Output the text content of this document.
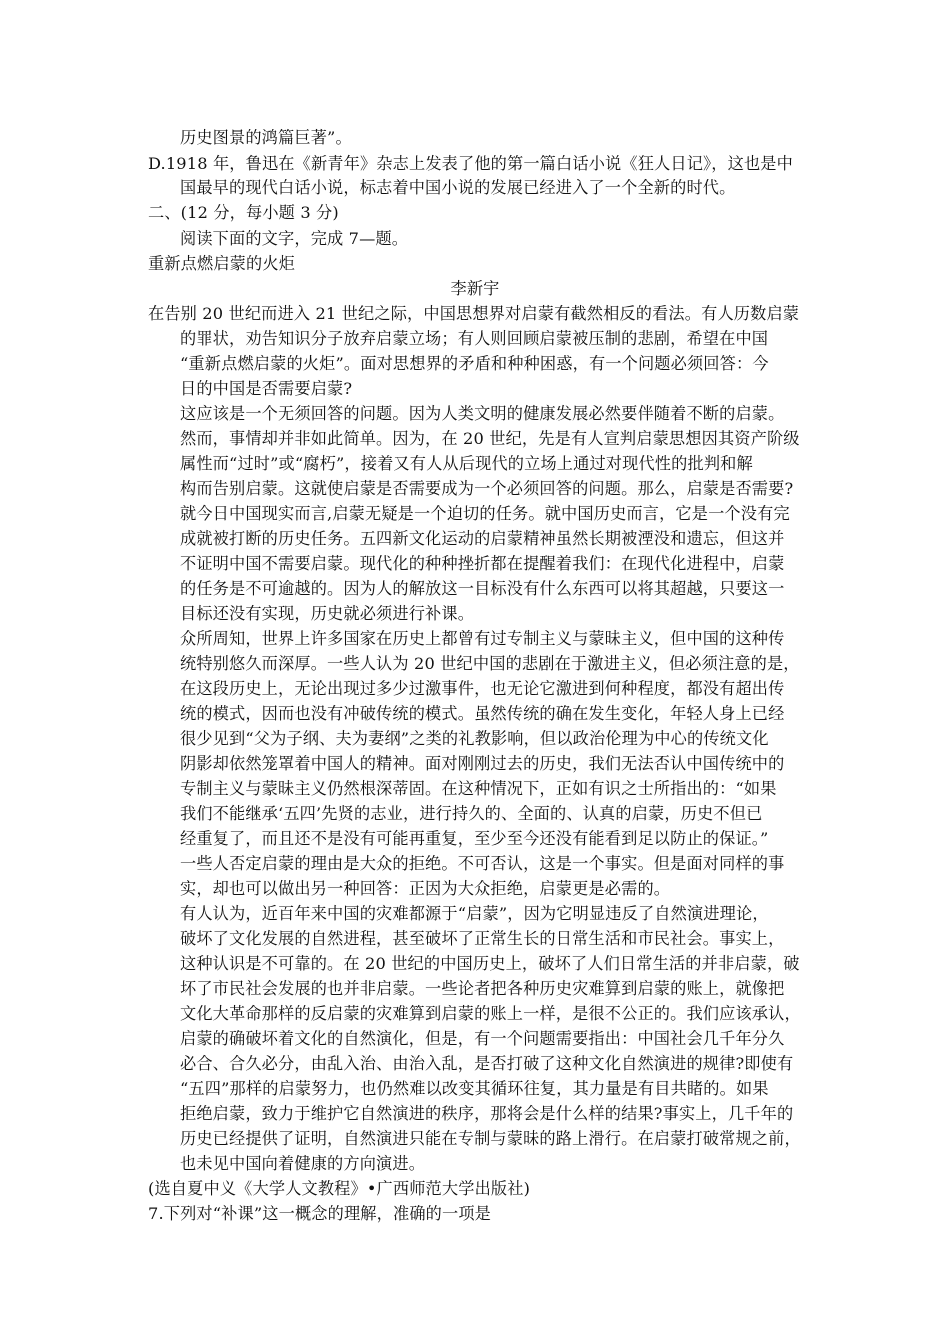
历史图景的鸿篇巨著”。
D.1918 年，鲁迅在《新青年》杂志上发表了他的第一篇白话小说《狂人日记》，这也是中
国最早的现代白话小说，标志着中国小说的发展已经进入了一个全新的时代。
二、(12 分，每小题 3 分)
阅读下面的文字，完成 7—题。
重新点燃启蒙的火炬
李新宇
在告别 20 世纪而进入 21 世纪之际，中国思想界对启蒙有截然相反的看法。有人历数启蒙
的罪状，劝告知识分子放弃启蒙立场；有人则回顾启蒙被压制的悲剧，希望在中国
“重新点燃启蒙的火炬”。面对思想界的矛盾和种种困惑，有一个问题必须回答：今
日的中国是否需要启蒙?
这应该是一个无须回答的问题。因为人类文明的健康发展必然要伴随着不断的启蒙。
然而，事情却并非如此简单。因为，在 20 世纪，先是有人宣判启蒙思想因其资产阶级
属性而“过时”或“腐朽”，接着又有人从后现代的立场上通过对现代性的批判和解
构而告别启蒙。这就使启蒙是否需要成为一个必须回答的问题。那么，启蒙是否需要?
就今日中国现实而言,启蒙无疑是一个迫切的任务。就中国历史而言，它是一个没有完
成就被打断的历史任务。五四新文化运动的启蒙精神虽然长期被湮没和遗忘，但这并
不证明中国不需要启蒙。现代化的种种挫折都在提醒着我们：在现代化进程中，启蒙
的任务是不可逾越的。因为人的解放这一目标没有什么东西可以将其超越，只要这一
目标还没有实现，历史就必须进行补课。
众所周知，世界上许多国家在历史上都曾有过专制主义与蒙昧主义，但中国的这种传
统特别悠久而深厚。一些人认为 20 世纪中国的悲剧在于激进主义，但必须注意的是，
在这段历史上，无论出现过多少过激事件，也无论它激进到何种程度，都没有超出传
统的模式，因而也没有冲破传统的模式。虽然传统的确在发生变化，年轻人身上已经
很少见到“父为子纲、夫为妻纲”之类的礼教影响，但以政治伦理为中心的传统文化
阴影却依然笼罩着中国人的精神。面对刚刚过去的历史，我们无法否认中国传统中的
专制主义与蒙昧主义仍然根深蒂固。在这种情况下，正如有识之士所指出的：“如果
我们不能继承‘五四’先贤的志业，进行持久的、全面的、认真的启蒙，历史不但已
经重复了，而且还不是没有可能再重复，至少至今还没有能看到足以防止的保证。”
一些人否定启蒙的理由是大众的拒绝。不可否认，这是一个事实。但是面对同样的事
实，却也可以做出另一种回答：正因为大众拒绝，启蒙更是必需的。
有人认为，近百年来中国的灾难都源于“启蒙”，因为它明显违反了自然演进理论，
破坏了文化发展的自然进程，甚至破坏了正常生长的日常生活和市民社会。事实上，
这种认识是不可靠的。在 20 世纪的中国历史上，破坏了人们日常生活的并非启蒙，破
坏了市民社会发展的也并非启蒙。一些论者把各种历史灾难算到启蒙的账上，就像把
文化大革命那样的反启蒙的灾难算到启蒙的账上一样，是很不公正的。我们应该承认，
启蒙的确破坏着文化的自然演化，但是，有一个问题需要指出：中国社会几千年分久
必合、合久必分，由乱入治、由治入乱，是否打破了这种文化自然演进的规律?即使有
“五四”那样的启蒙努力，也仍然难以改变其循环往复，其力量是有目共睹的。如果
拒绝启蒙，致力于维护它自然演进的秩序，那将会是什么样的结果?事实上，几千年的
历史已经提供了证明，自然演进只能在专制与蒙昧的路上滑行。在启蒙打破常规之前，
也未见中国向着健康的方向演进。
(选自夏中义《大学人文教程》•广西师范大学出版社)
7.下列对“补课”这一概念的理解，准确的一项是
